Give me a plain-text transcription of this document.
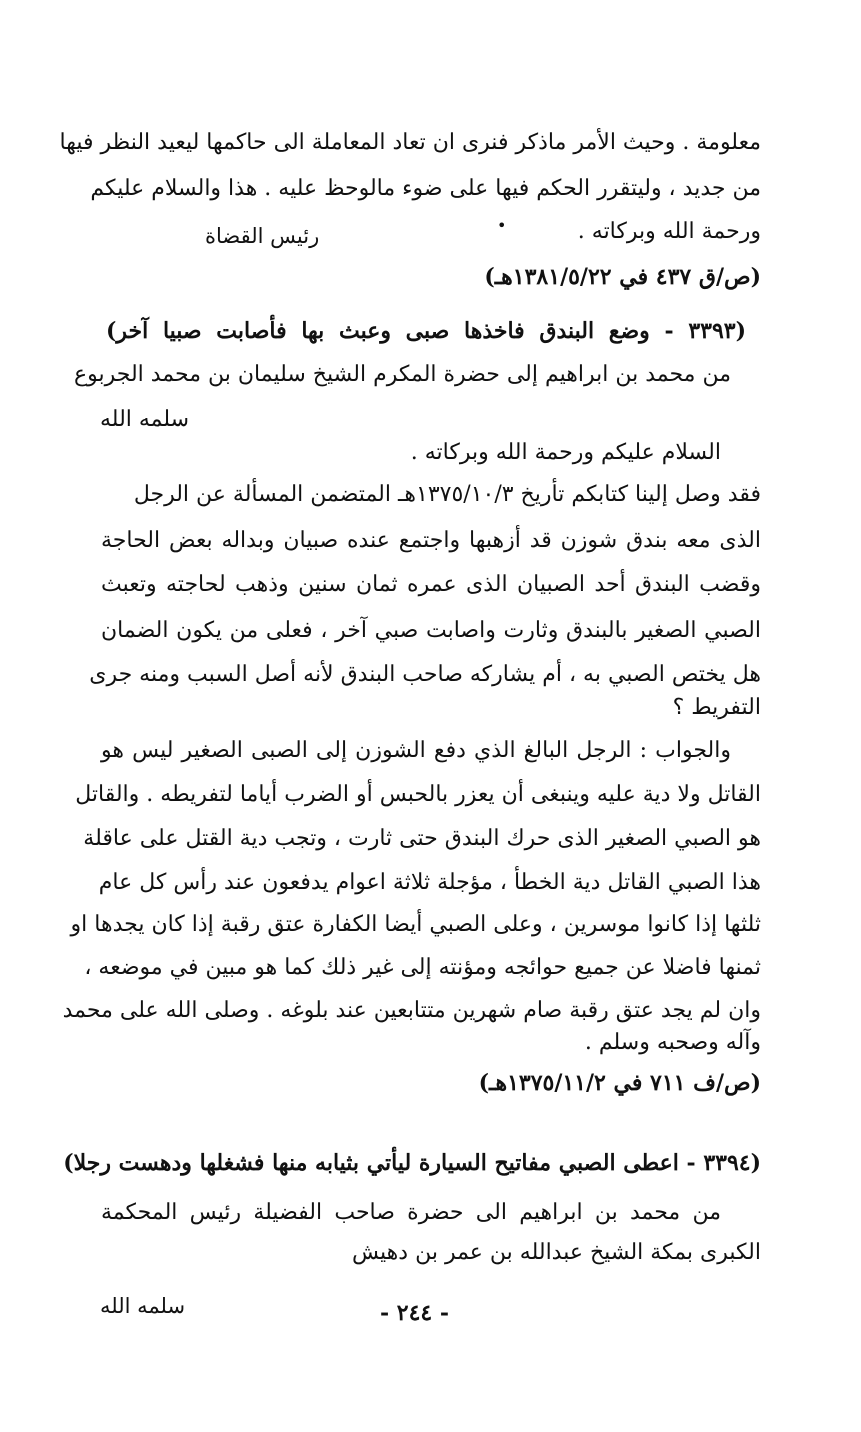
معلومة . وحيث الأمر ماذكر فنرى ان تعاد المعاملة الى حاكمها ليعيد النظر فيها
من جديد ، وليتقرر الحكم فيها على ضوء مالوحظ عليه . هذا والسلام عليكم
ورحمة الله وبركاته .
•
رئيس القضاة
(ص/ق ٤٣٧ في ١٣٨١/٥/٢٢هـ)
(٣٣٩٣ - وضع البندق فاخذها صبى وعبث بها فأصابت صبيا آخر)
من محمد بن ابراهيم إلى حضرة المكرم الشيخ سليمان بن محمد الجربوع
سلمه الله
السلام عليكم ورحمة الله وبركاته .
فقد وصل إلينا كتابكم تأريخ ١٣٧٥/١٠/٣هـ المتضمن المسألة عن الرجل
الذى معه بندق شوزن قد أزهبها واجتمع عنده صبيان وبداله بعض الحاجة
وقضب البندق أحد الصبيان الذى عمره ثمان سنين وذهب لحاجته وتعبث
الصبي الصغير بالبندق وثارت واصابت صبي آخر ، فعلى من يكون الضمان
هل يختص الصبي به ، أم يشاركه صاحب البندق لأنه أصل السبب ومنه جرى
التفريط ؟
والجواب : الرجل البالغ الذي دفع الشوزن إلى الصبى الصغير ليس هو
القاتل ولا دية عليه وينبغى أن يعزر بالحبس أو الضرب أياما لتفريطه . والقاتل
هو الصبي الصغير الذى حرك البندق حتى ثارت ، وتجب دية القتل على عاقلة
هذا الصبي القاتل دية الخطأ ، مؤجلة ثلاثة اعوام يدفعون عند رأس كل عام
ثلثها إذا كانوا موسرين ، وعلى الصبي أيضا الكفارة عتق رقبة إذا كان يجدها او
ثمنها فاضلا عن جميع حوائجه ومؤنته إلى غير ذلك كما هو مبين في موضعه ،
وان لم يجد عتق رقبة صام شهرين متتابعين عند بلوغه . وصلى الله على محمد
وآله وصحبه وسلم .
(ص/ف ٧١١ في ١٣٧٥/١١/٢هـ)
(٣٣٩٤ - اعطى الصبي مفاتيح السيارة ليأتي بثيابه منها فشغلها ودهست رجلا)
من محمد بن ابراهيم الى حضرة صاحب الفضيلة رئيس المحكمة
الكبرى بمكة الشيخ عبدالله بن عمر بن دهيش
سلمه الله	- ٢٤٤ -
